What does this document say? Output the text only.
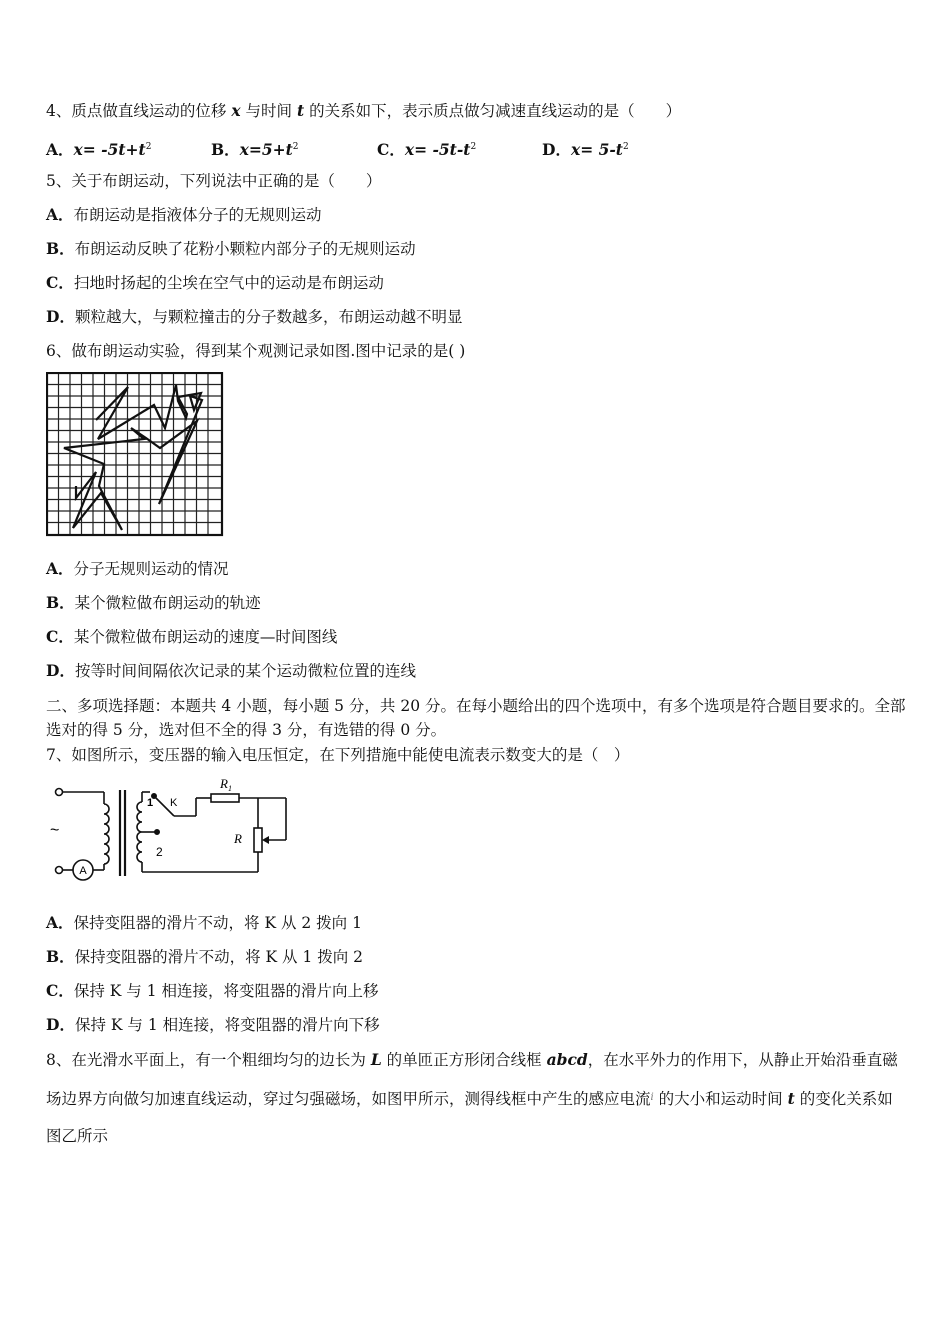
4、质点做直线运动的位移 x 与时间 t 的关系如下，表示质点做匀减速直线运动的是（　　）
A．$x= -5t+t^2$	B．$x=5+t^2$	C．$x= -5t-t^2$	D．$x= 5-t^2$
5、关于布朗运动，下列说法中正确的是（　　）
A．布朗运动是指液体分子的无规则运动
B．布朗运动反映了花粉小颗粒内部分子的无规则运动
C．扫地时扬起的尘埃在空气中的运动是布朗运动
D．颗粒越大，与颗粒撞击的分子数越多，布朗运动越不明显
6、做布朗运动实验，得到某个观测记录如图.图中记录的是( )
A．分子无规则运动的情况
B．某个微粒做布朗运动的轨迹
C．某个微粒做布朗运动的速度—时间图线
D．按等时间间隔依次记录的某个运动微粒位置的连线
二、多项选择题：本题共 4 小题，每小题 5 分，共 20 分。在每小题给出的四个选项中，有多个选项是符合题目要求的。全部选对的得 5 分，选对但不全的得 3 分，有选错的得 0 分。
7、如图所示，变压器的输入电压恒定，在下列措施中能使电流表示数变大的是（　）
A
~
1 K
2
$R_1$
R
A．保持变阻器的滑片不动，将 K 从 2 拨向 1
B．保持变阻器的滑片不动，将 K 从 1 拨向 2
C．保持 K 与 1 相连接，将变阻器的滑片向上移
D．保持 K 与 1 相连接，将变阻器的滑片向下移
8、在光滑水平面上，有一个粗细均匀的边长为 L 的单匝正方形闭合线框 abcd，在水平外力的作用下，从静止开始沿垂直磁场边界方向做匀加速直线运动，穿过匀强磁场，如图甲所示，测得线框中产生的感应电流$^i$ 的大小和运动时间 t 的变化关系如图乙所示
